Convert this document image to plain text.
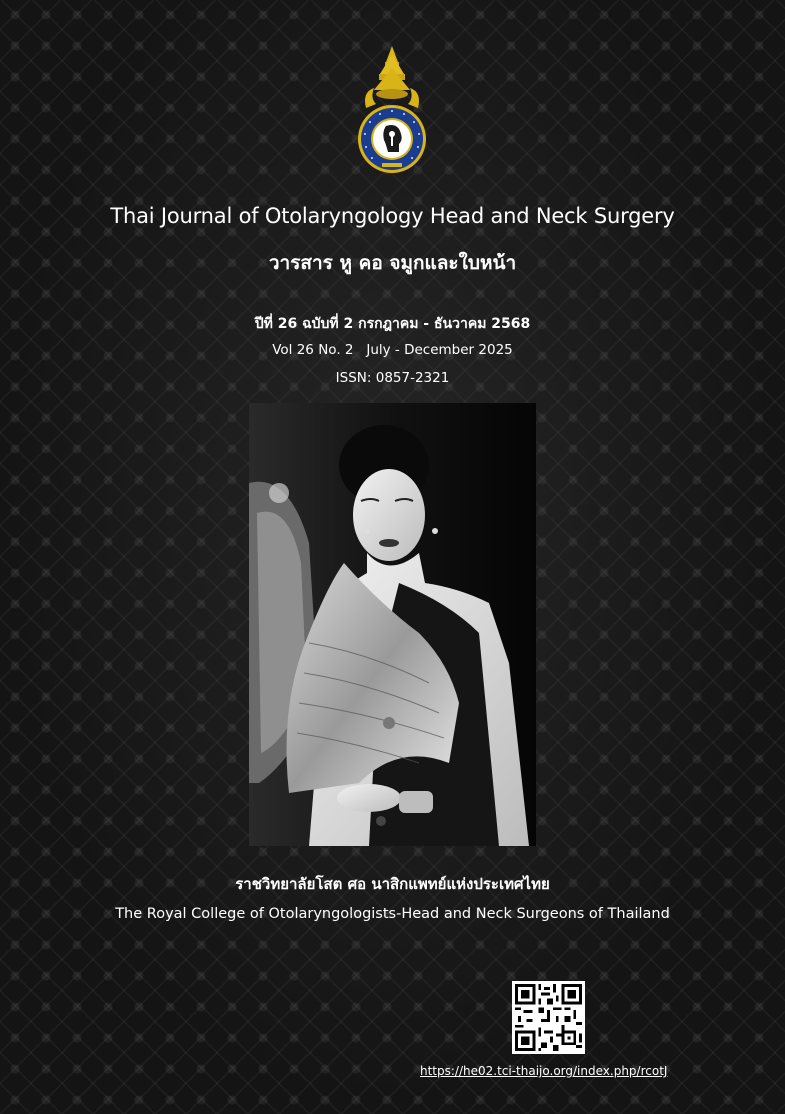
Thai Journal of Otolaryngology Head and Neck Surgery
วารสาร หู คอ จมูกและใบหน้า
ปีที่ 26 ฉบับที่ 2 กรกฎาคม - ธันวาคม 2568
Vol 26 No. 2   July - December 2025
ISSN: 0857-2321
ราชวิทยาลัยโสต ศอ นาสิกแพทย์แห่งประเทศไทย
The Royal College of Otolaryngologists-Head and Neck Surgeons of Thailand
https://he02.tci-thaijo.org/index.php/rcotJ
